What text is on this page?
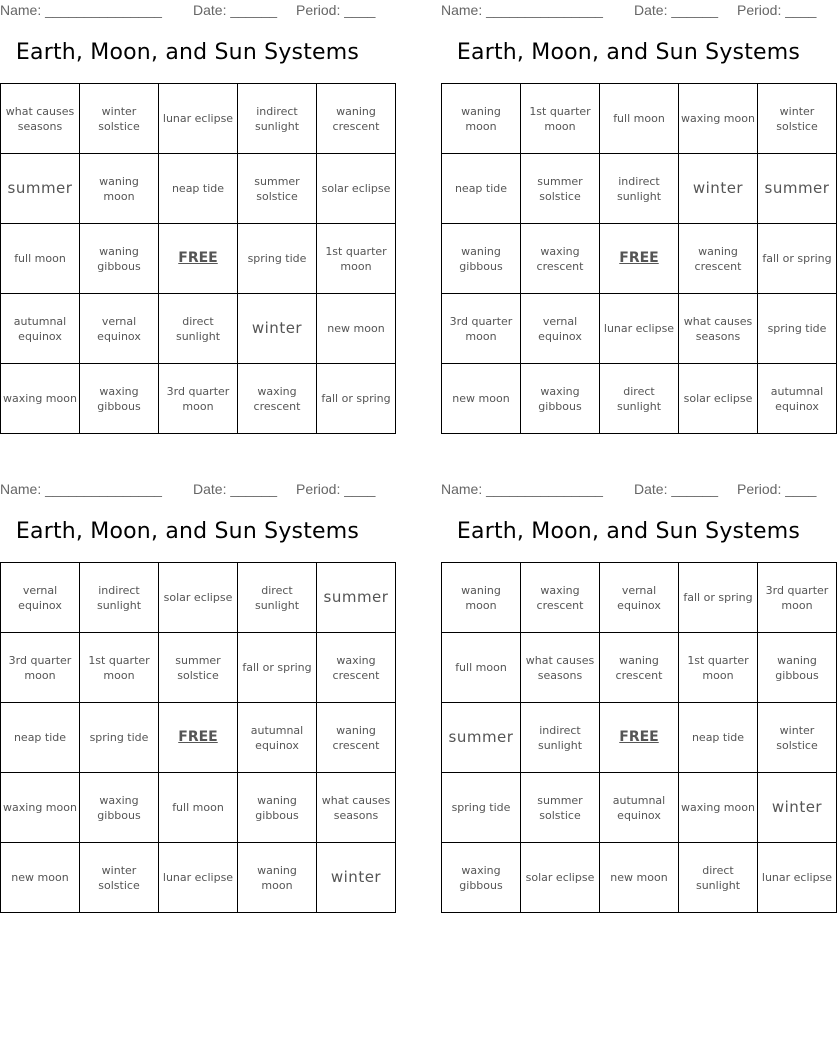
Name: _______________ Date: ______ Period: ____
Earth, Moon, and Sun Systems
what causes seasons	winter solstice	lunar eclipse	indirect sunlight	waning crescent
summer	waning moon	neap tide	summer solstice	solar eclipse
full moon	waning gibbous	FREE	spring tide	1st quarter moon
autumnal equinox	vernal equinox	direct sunlight	winter	new moon
waxing moon	waxing gibbous	3rd quarter moon	waxing crescent	fall or spring
Name: _______________ Date: ______ Period: ____
Earth, Moon, and Sun Systems
waning moon	1st quarter moon	full moon	waxing moon	winter solstice
neap tide	summer solstice	indirect sunlight	winter	summer
waning gibbous	waxing crescent	FREE	waning crescent	fall or spring
3rd quarter moon	vernal equinox	lunar eclipse	what causes seasons	spring tide
new moon	waxing gibbous	direct sunlight	solar eclipse	autumnal equinox
Name: _______________ Date: ______ Period: ____
Earth, Moon, and Sun Systems
vernal equinox	indirect sunlight	solar eclipse	direct sunlight	summer
3rd quarter moon	1st quarter moon	summer solstice	fall or spring	waxing crescent
neap tide	spring tide	FREE	autumnal equinox	waning crescent
waxing moon	waxing gibbous	full moon	waning gibbous	what causes seasons
new moon	winter solstice	lunar eclipse	waning moon	winter
Name: _______________ Date: ______ Period: ____
Earth, Moon, and Sun Systems
waning moon	waxing crescent	vernal equinox	fall or spring	3rd quarter moon
full moon	what causes seasons	waning crescent	1st quarter moon	waning gibbous
summer	indirect sunlight	FREE	neap tide	winter solstice
spring tide	summer solstice	autumnal equinox	waxing moon	winter
waxing gibbous	solar eclipse	new moon	direct sunlight	lunar eclipse
